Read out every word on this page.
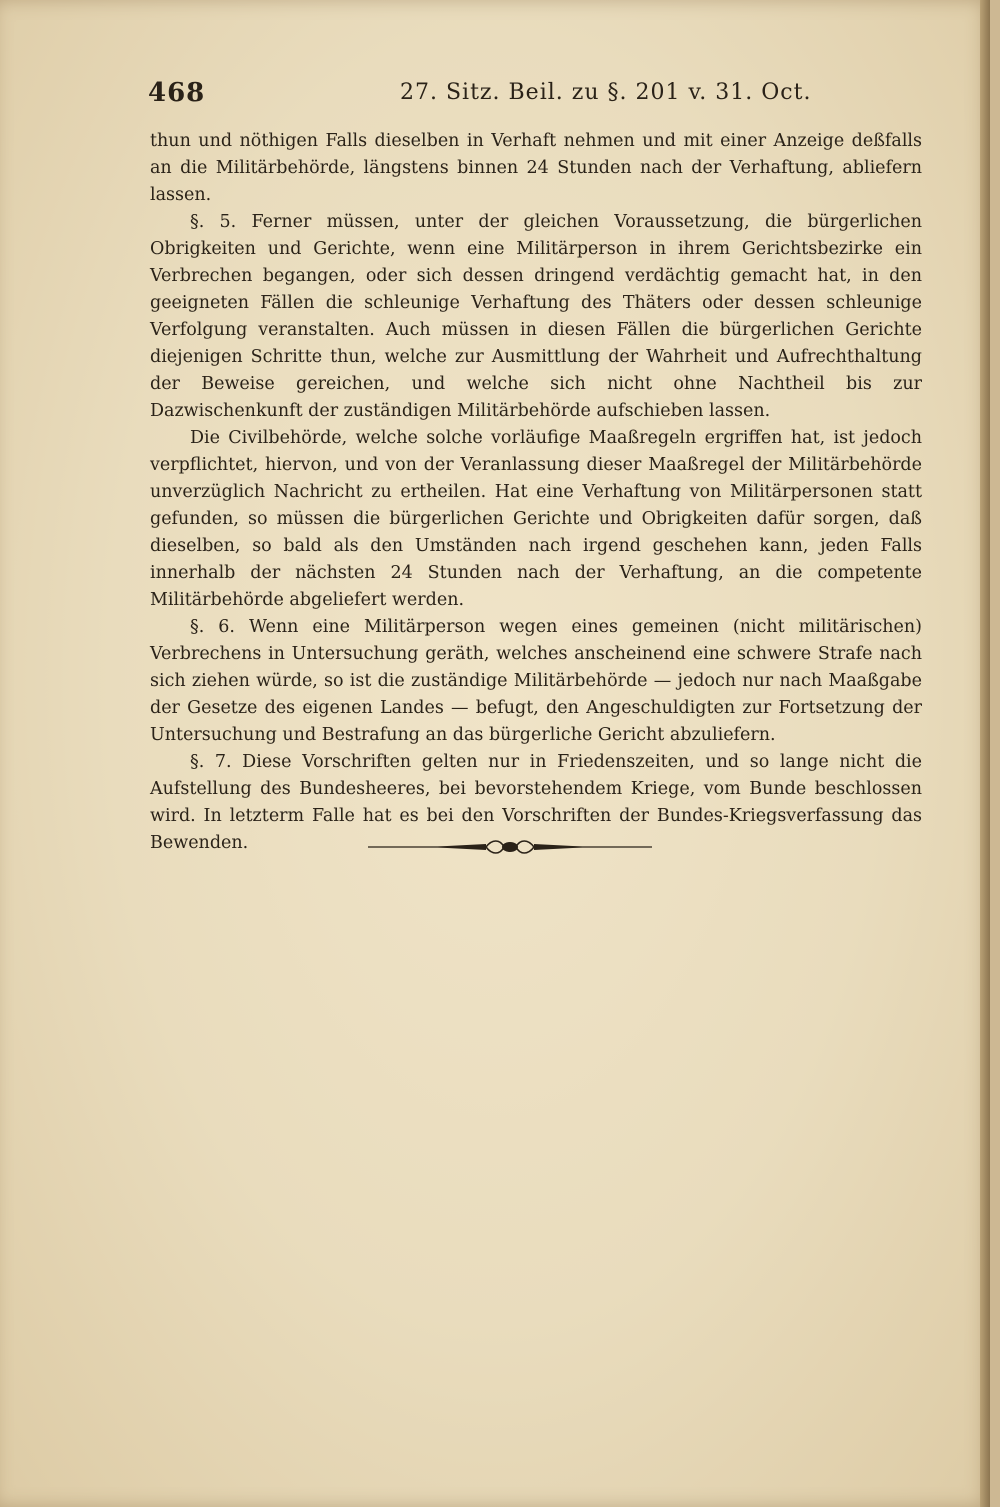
468	27. Sitz. Beil. zu §. 201 v. 31. Oct.

thun und nöthigen Falls dieselben in Verhaft nehmen und mit einer Anzeige deßfalls an die Militärbehörde, längstens binnen 24 Stunden nach der Verhaftung, abliefern lassen.

§. 5. Ferner müssen, unter der gleichen Voraussetzung, die bürgerlichen Obrigkeiten und Gerichte, wenn eine Militärperson in ihrem Gerichtsbezirke ein Verbrechen begangen, oder sich dessen dringend verdächtig gemacht hat, in den geeigneten Fällen die schleunige Verhaftung des Thäters oder dessen schleunige Verfolgung veranstalten. Auch müssen in diesen Fällen die bürgerlichen Gerichte diejenigen Schritte thun, welche zur Ausmittlung der Wahrheit und Aufrechthaltung der Beweise gereichen, und welche sich nicht ohne Nachtheil bis zur Dazwischenkunft der zuständigen Militärbehörde aufschieben lassen.

Die Civilbehörde, welche solche vorläufige Maaßregeln ergriffen hat, ist jedoch verpflichtet, hiervon, und von der Veranlassung dieser Maaßregel der Militärbehörde unverzüglich Nachricht zu ertheilen. Hat eine Verhaftung von Militärpersonen statt gefunden, so müssen die bürgerlichen Gerichte und Obrigkeiten dafür sorgen, daß dieselben, so bald als den Umständen nach irgend geschehen kann, jeden Falls innerhalb der nächsten 24 Stunden nach der Verhaftung, an die competente Militärbehörde abgeliefert werden.

§. 6. Wenn eine Militärperson wegen eines gemeinen (nicht militärischen) Verbrechens in Untersuchung geräth, welches anscheinend eine schwere Strafe nach sich ziehen würde, so ist die zuständige Militärbehörde — jedoch nur nach Maaßgabe der Gesetze des eigenen Landes — befugt, den Angeschuldigten zur Fortsetzung der Untersuchung und Bestrafung an das bürgerliche Gericht abzuliefern.

§. 7. Diese Vorschriften gelten nur in Friedenszeiten, und so lange nicht die Aufstellung des Bundesheeres, bei bevorstehendem Kriege, vom Bunde beschlossen wird. In letzterm Falle hat es bei den Vorschriften der Bundes-Kriegsverfassung das Bewenden.
